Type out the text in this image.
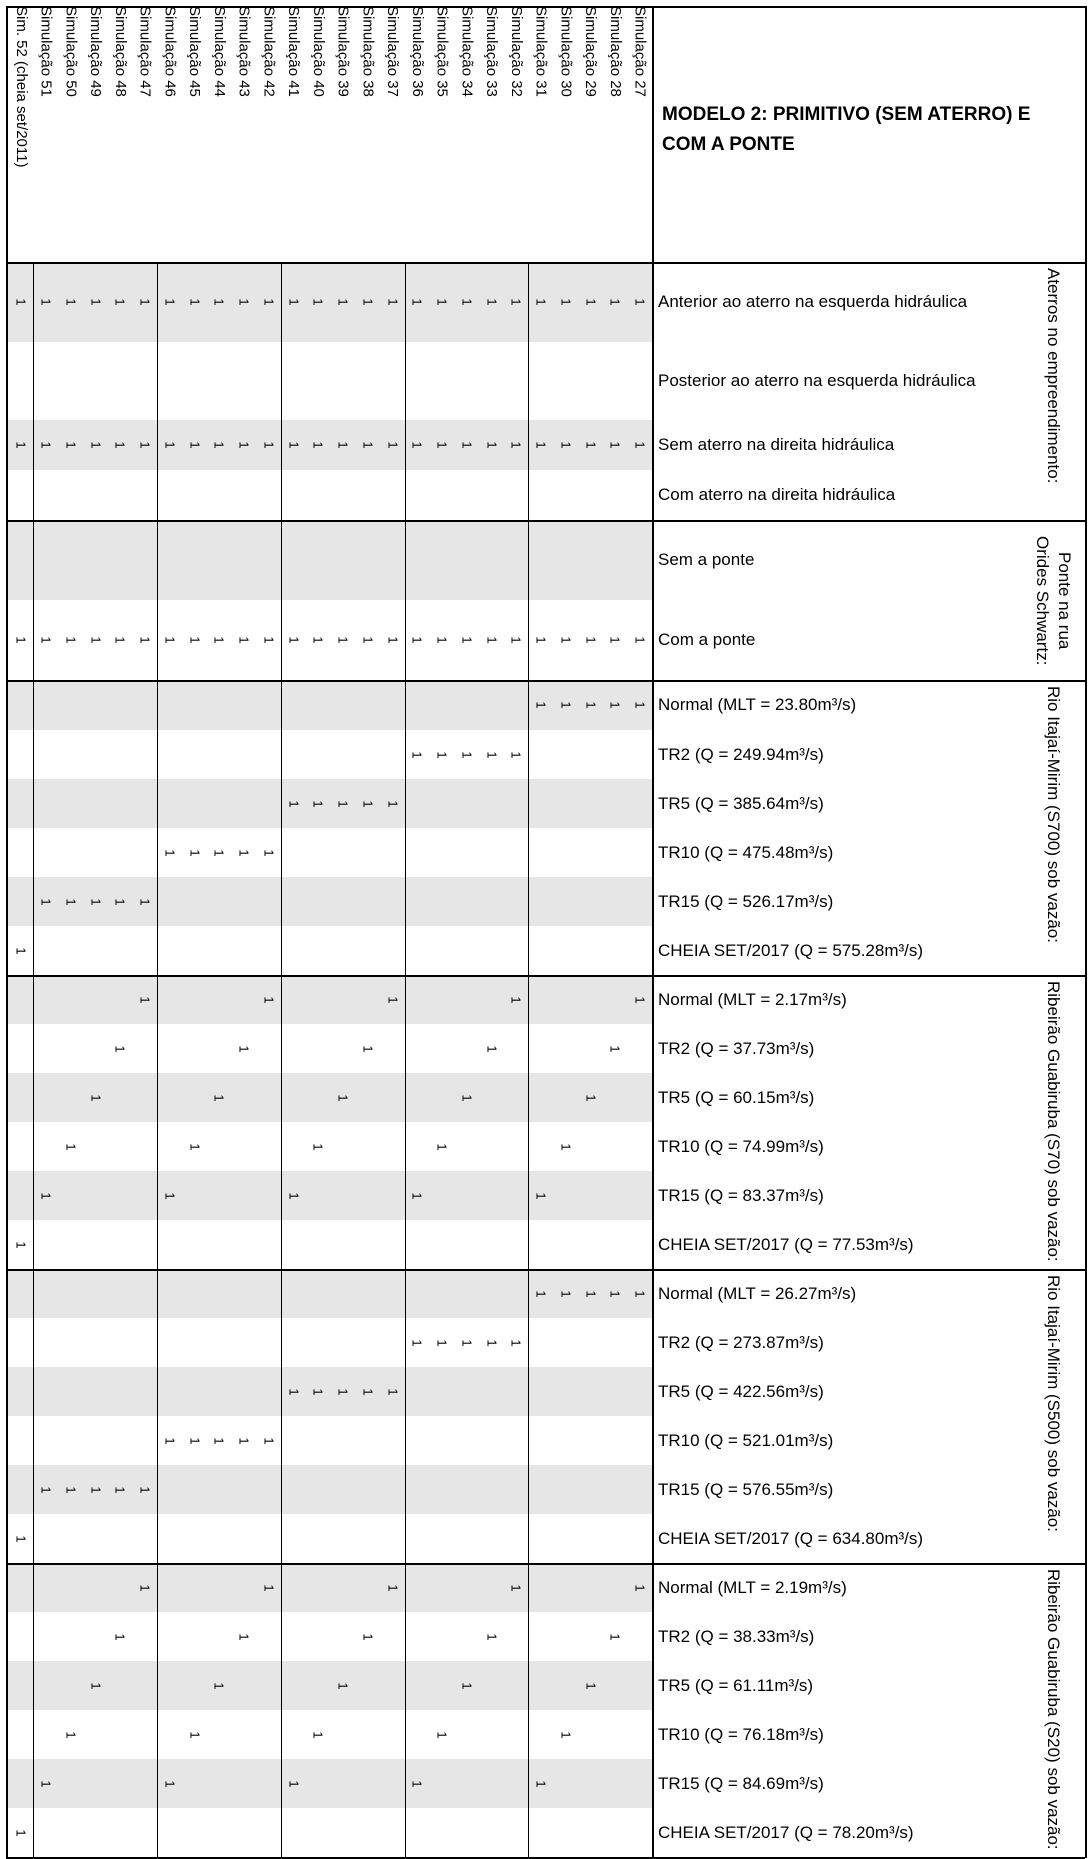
MODELO 2: PRIMITIVO (SEM ATERRO) E COM A PONTE
Anterior ao aterro na esquerda hidráulica
1
1
1
1
1
1
1
1
1
1
1
1
1
1
1
1
1
1
1
1
1
1
1
1
1
1
Posterior ao aterro na esquerda hidráulica
Sem aterro na direita hidráulica
1
1
1
1
1
1
1
1
1
1
1
1
1
1
1
1
1
1
1
1
1
1
1
1
1
1
Com aterro na direita hidráulica
Sem a ponte
Com a ponte
1
1
1
1
1
1
1
1
1
1
1
1
1
1
1
1
1
1
1
1
1
1
1
1
1
1
Normal (MLT = 23.80m³/s)
1
1
1
1
1
TR2 (Q = 249.94m³/s)
1
1
1
1
1
TR5 (Q = 385.64m³/s)
1
1
1
1
1
TR10 (Q = 475.48m³/s)
1
1
1
1
1
TR15 (Q = 526.17m³/s)
1
1
1
1
1
CHEIA SET/2017 (Q = 575.28m³/s)
1
Normal (MLT = 2.17m³/s)
1
1
1
1
1
TR2 (Q = 37.73m³/s)
1
1
1
1
1
TR5 (Q = 60.15m³/s)
1
1
1
1
1
TR10 (Q = 74.99m³/s)
1
1
1
1
1
TR15 (Q = 83.37m³/s)
1
1
1
1
1
CHEIA SET/2017 (Q = 77.53m³/s)
1
Normal (MLT = 26.27m³/s)
1
1
1
1
1
TR2 (Q = 273.87m³/s)
1
1
1
1
1
TR5 (Q = 422.56m³/s)
1
1
1
1
1
TR10 (Q = 521.01m³/s)
1
1
1
1
1
TR15 (Q = 576.55m³/s)
1
1
1
1
1
CHEIA SET/2017 (Q = 634.80m³/s)
1
Normal (MLT = 2.19m³/s)
1
1
1
1
1
TR2 (Q = 38.33m³/s)
1
1
1
1
1
TR5 (Q = 61.11m³/s)
1
1
1
1
1
TR10 (Q = 76.18m³/s)
1
1
1
1
1
TR15 (Q = 84.69m³/s)
1
1
1
1
1
CHEIA SET/2017 (Q = 78.20m³/s)
1
Simulação 27
Simulação 28
Simulação 29
Simulação 30
Simulação 31
Simulação 32
Simulação 33
Simulação 34
Simulação 35
Simulação 36
Simulação 37
Simulação 38
Simulação 39
Simulação 40
Simulação 41
Simulação 42
Simulação 43
Simulação 44
Simulação 45
Simulação 46
Simulação 47
Simulação 48
Simulação 49
Simulação 50
Simulação 51
Sim. 52 (cheia set/2011)
Aterros no empreendimento:
Ponte na rua Orides Schwartz:
Rio Itajaí-Mirim (S700) sob vazão:
Ribeirão Guabiruba (S70) sob vazão:
Rio Itajaí-Mirim (S500) sob vazão:
Ribeirão Guabiruba (S20) sob vazão:
